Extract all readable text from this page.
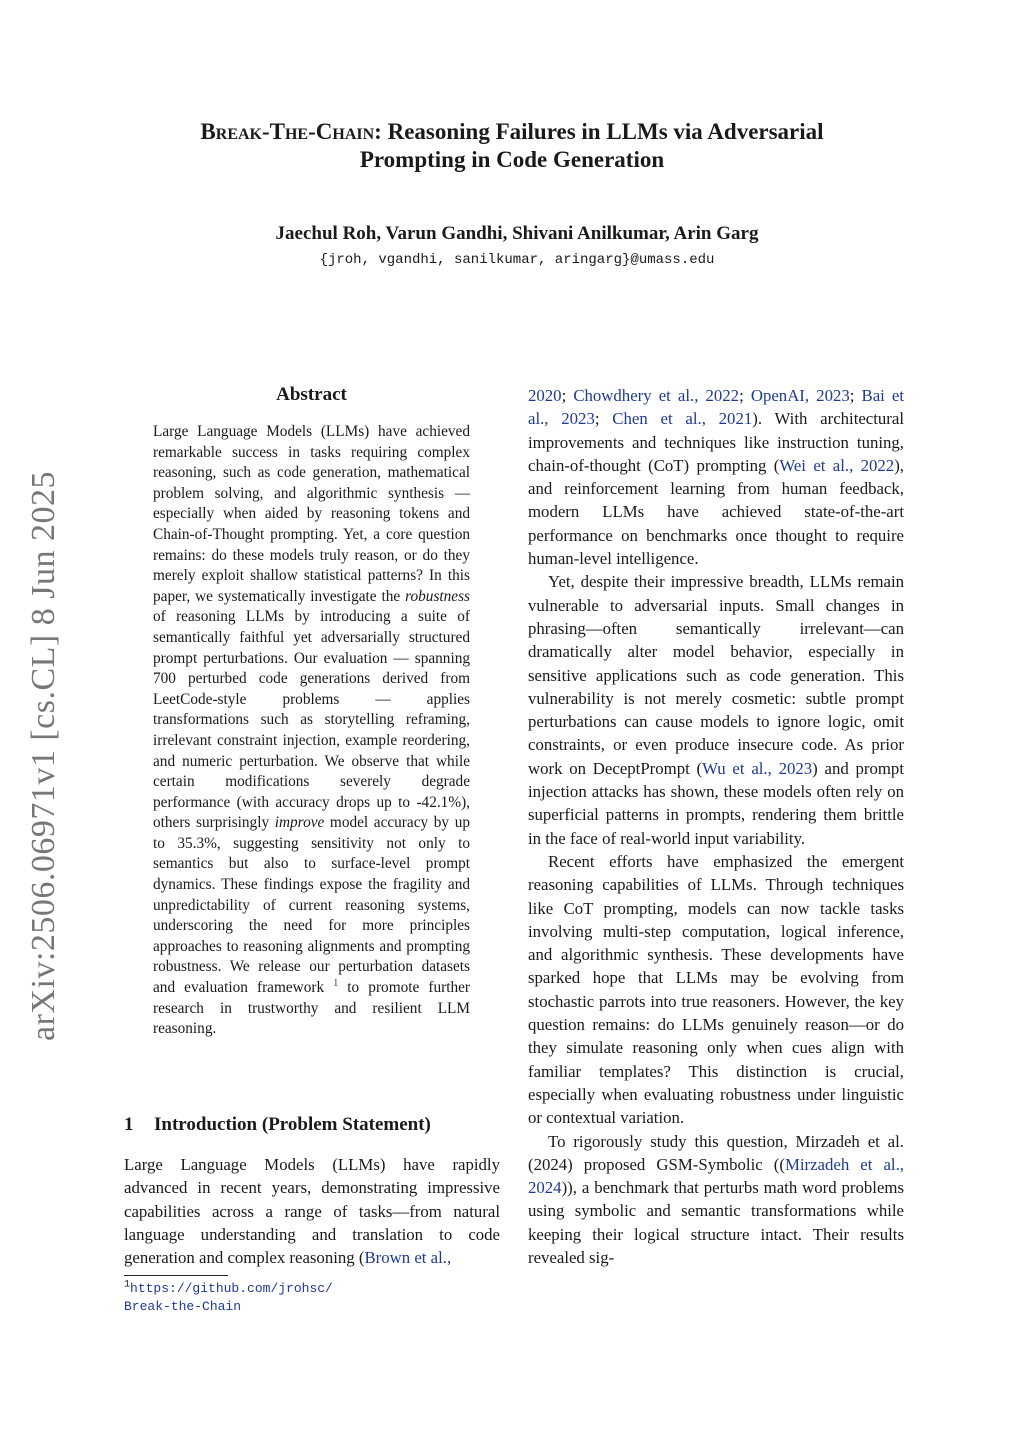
arXiv:2506.06971v1 [cs.CL] 8 Jun 2025
Break-The-Chain: Reasoning Failures in LLMs via Adversarial
Prompting in Code Generation
Jaechul Roh, Varun Gandhi, Shivani Anilkumar, Arin Garg
{jroh, vgandhi, sanilkumar, aringarg}@umass.edu
Abstract
Large Language Models (LLMs) have achieved remarkable success in tasks requiring complex reasoning, such as code generation, mathematical problem solving, and algorithmic synthesis — especially when aided by reasoning tokens and Chain-of-Thought prompting. Yet, a core question remains: do these models truly reason, or do they merely exploit shallow statistical patterns? In this paper, we systematically investigate the robustness of reasoning LLMs by introducing a suite of semantically faithful yet adversarially structured prompt perturbations. Our evaluation — spanning 700 perturbed code generations derived from LeetCode-style problems — applies transformations such as storytelling reframing, irrelevant constraint injection, example reordering, and numeric perturbation. We observe that while certain modifications severely degrade performance (with accuracy drops up to -42.1%), others surprisingly improve model accuracy by up to 35.3%, suggesting sensitivity not only to semantics but also to surface-level prompt dynamics. These findings expose the fragility and unpredictability of current reasoning systems, underscoring the need for more principles approaches to reasoning alignments and prompting robustness. We release our perturbation datasets and evaluation framework $^1$ to promote further research in trustworthy and resilient LLM reasoning.
1 Introduction (Problem Statement)
Large Language Models (LLMs) have rapidly advanced in recent years, demonstrating impressive capabilities across a range of tasks—from natural language understanding and translation to code generation and complex reasoning (Brown et al.,
$^1$https://github.com/jrohsc/
Break-the-Chain

2020; Chowdhery et al., 2022; OpenAI, 2023; Bai et al., 2023; Chen et al., 2021). With architectural improvements and techniques like instruction tuning, chain-of-thought (CoT) prompting (Wei et al., 2022), and reinforcement learning from human feedback, modern LLMs have achieved state-of-the-art performance on benchmarks once thought to require human-level intelligence.

Yet, despite their impressive breadth, LLMs remain vulnerable to adversarial inputs. Small changes in phrasing—often semantically irrelevant—can dramatically alter model behavior, especially in sensitive applications such as code generation. This vulnerability is not merely cosmetic: subtle prompt perturbations can cause models to ignore logic, omit constraints, or even produce insecure code. As prior work on DeceptPrompt (Wu et al., 2023) and prompt injection attacks has shown, these models often rely on superficial patterns in prompts, rendering them brittle in the face of real-world input variability.

Recent efforts have emphasized the emergent reasoning capabilities of LLMs. Through techniques like CoT prompting, models can now tackle tasks involving multi-step computation, logical inference, and algorithmic synthesis. These developments have sparked hope that LLMs may be evolving from stochastic parrots into true reasoners. However, the key question remains: do LLMs genuinely reason—or do they simulate reasoning only when cues align with familiar templates? This distinction is crucial, especially when evaluating robustness under linguistic or contextual variation.

To rigorously study this question, Mirzadeh et al. (2024) proposed GSM-Symbolic ((Mirzadeh et al., 2024)), a benchmark that perturbs math word problems using symbolic and semantic transformations while keeping their logical structure intact. Their results revealed sig-
